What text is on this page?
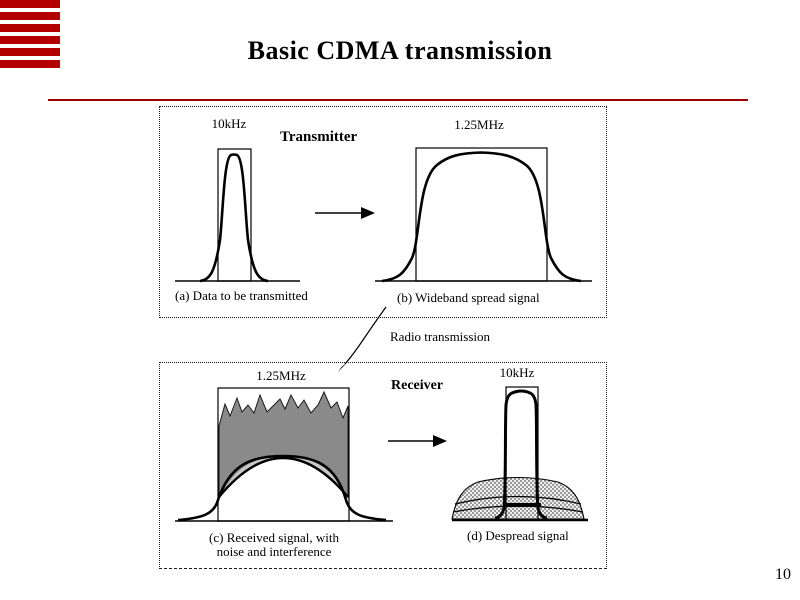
Basic CDMA transmission
10kHz
Transmitter
1.25MHz
(a) Data to be transmitted	(b) Wideband spread signal
Radio transmission
1.25MHz
Receiver
10kHz
(c) Received signal, with
noise and interference
(d) Despread signal
10
